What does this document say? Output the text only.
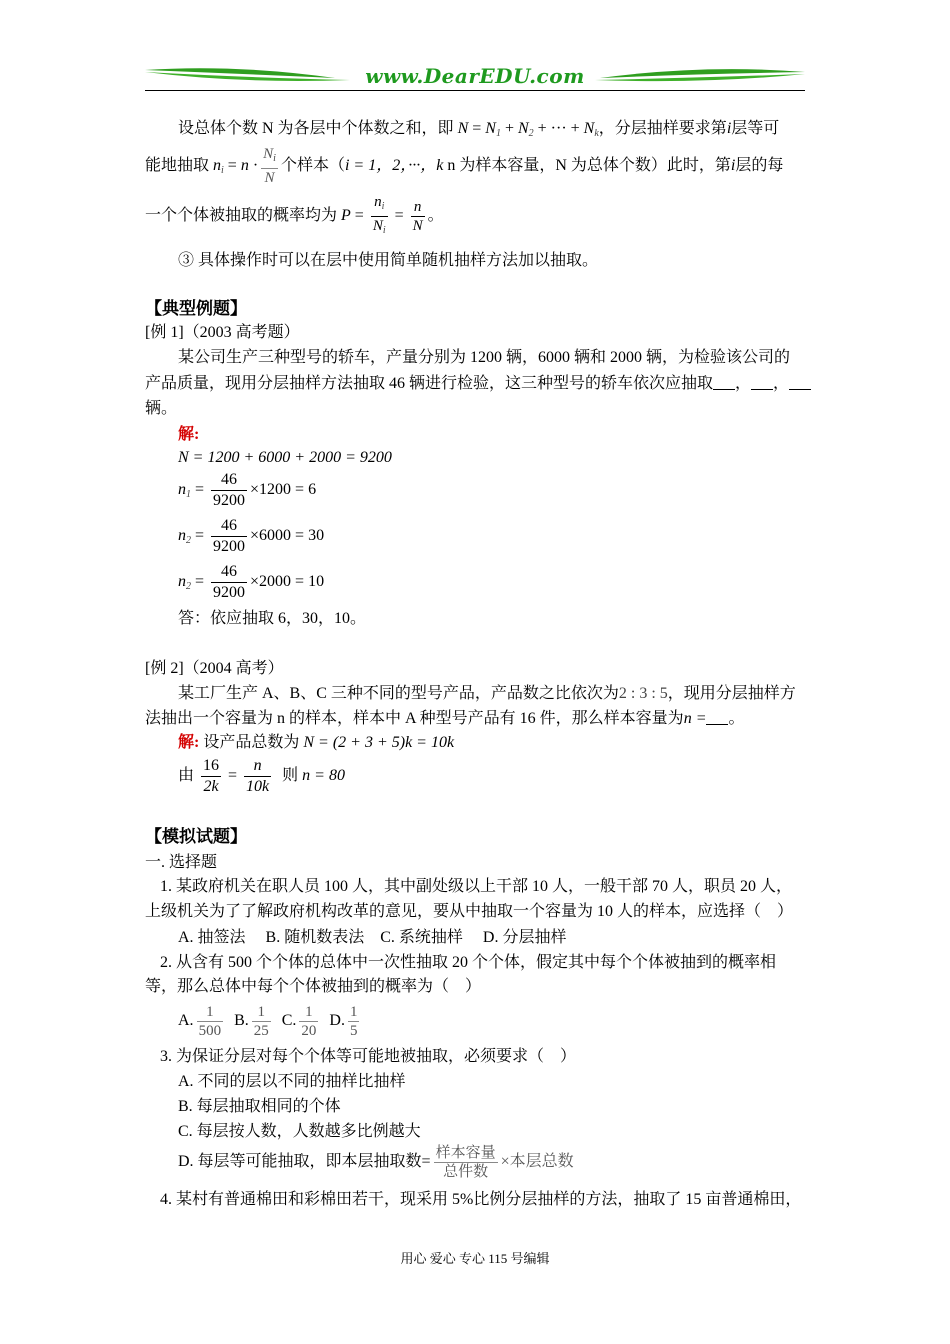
www.DearEDU.com
设总体个数 N 为各层中个体数之和，即 $N = N_1 + N_2$ + ··· + $N_k$，分层抽样要求第i层等可
能地抽取 $n_i = n \cdot \frac{N_i}{N}$ 个样本（i = 1，2，···，k n 为样本容量，N 为总体个数）此时，第i层的每
一个个体被抽取的概率均为 $P = \frac{n_i}{N_i} = \frac{n}{N}$ 。
③ 具体操作时可以在层中使用简单随机抽样方法加以抽取。
【典型例题】
[例 1]（2003 高考题）
某公司生产三种型号的轿车，产量分别为 1200 辆，6000 辆和 2000 辆，为检验该公司的
产品质量，现用分层抽样方法抽取 46 辆进行检验，这三种型号的轿车依次应抽取 ， ，
辆。
解:
N = 1200 + 6000 + 2000 = 9200
$n_1 = \frac{46}{9200} \times 1200 = 6$
$n_2 = \frac{46}{9200} \times 6000 = 30$
$n_2 = \frac{46}{9200} \times 2000 = 10$
答：依应抽取 6，30，10。
[例 2]（2004 高考）
某工厂生产 A、B、C 三种不同的型号产品，产品数之比依次为2 : 3 : 5，现用分层抽样方
法抽出一个容量为 n 的样本，样本中 A 种型号产品有 16 件，那么样本容量为n = 。
解: 设产品总数为 N = (2 + 3 + 5)k = 10k
由 $\frac{16}{2k} = \frac{n}{10k}$ 则 n = 80
【模拟试题】
一. 选择题
1. 某政府机关在职人员 100 人，其中副处级以上干部 10 人，一般干部 70 人，职员 20 人，
上级机关为了了解政府机构改革的意见，要从中抽取一个容量为 10 人的样本，应选择（　）
A. 抽签法　 B. 随机数表法　C. 系统抽样　 D. 分层抽样
2. 从含有 500 个个体的总体中一次性抽取 20 个个体，假定其中每个个体被抽到的概率相
等，那么总体中每个个体被抽到的概率为（　）
A. $\frac{1}{500} B$. $\frac{1}{25} C$. $\frac{1}{20} D$. $\frac{1}{5}$
3. 为保证分层对每个个体等可能地被抽取，必须要求（　）
A. 不同的层以不同的抽样比抽样
B. 每层抽取相同的个体
C. 每层按人数，人数越多比例越大
D. 每层等可能抽取，即本层抽取数= $\frac{\text{样本容量}}{\text{总件数}}$ ×本层总数
4. 某村有普通棉田和彩棉田若干，现采用 5%比例分层抽样的方法，抽取了 15 亩普通棉田，
用心 爱心 专心 115 号编辑
